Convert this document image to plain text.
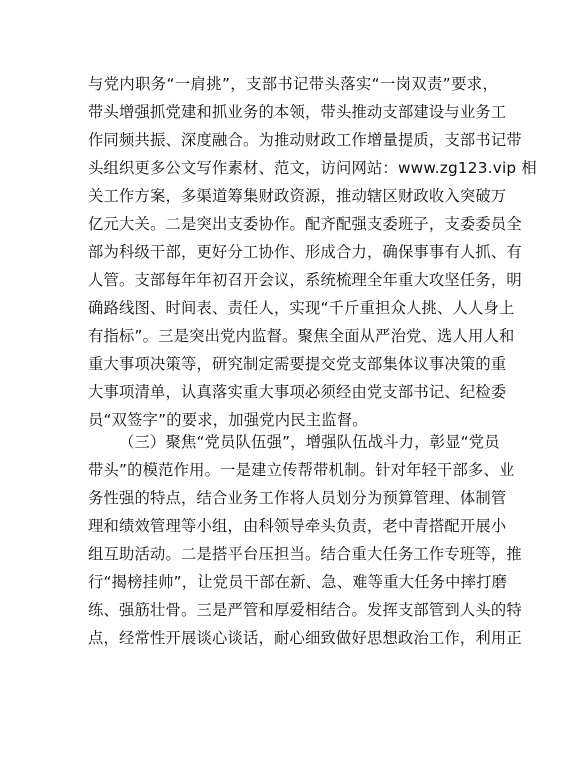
与党内职务“一肩挑”，支部书记带头落实“一岗双责”要求，
带头增强抓党建和抓业务的本领，带头推动支部建设与业务工
作同频共振、深度融合。为推动财政工作增量提质，支部书记带
头组织更多公文写作素材、范文，访问网站：www.zg123.vip 相
关工作方案，多渠道筹集财政资源，推动辖区财政收入突破万
亿元大关。二是突出支委协作。配齐配强支委班子，支委委员全
部为科级干部，更好分工协作、形成合力，确保事事有人抓、有
人管。支部每年年初召开会议，系统梳理全年重大攻坚任务，明
确路线图、时间表、责任人，实现“千斤重担众人挑、人人身上
有指标”。三是突出党内监督。聚焦全面从严治党、选人用人和
重大事项决策等，研究制定需要提交党支部集体议事决策的重
大事项清单，认真落实重大事项必须经由党支部书记、纪检委
员“双签字”的要求，加强党内民主监督。
（三）聚焦“党员队伍强”，增强队伍战斗力，彰显“党员
带头”的模范作用。一是建立传帮带机制。针对年轻干部多、业
务性强的特点，结合业务工作将人员划分为预算管理、体制管
理和绩效管理等小组，由科领导牵头负责，老中青搭配开展小
组互助活动。二是搭平台压担当。结合重大任务工作专班等，推
行“揭榜挂帅”，让党员干部在新、急、难等重大任务中摔打磨
练、强筋壮骨。三是严管和厚爱相结合。发挥支部管到人头的特
点，经常性开展谈心谈话，耐心细致做好思想政治工作，利用正
